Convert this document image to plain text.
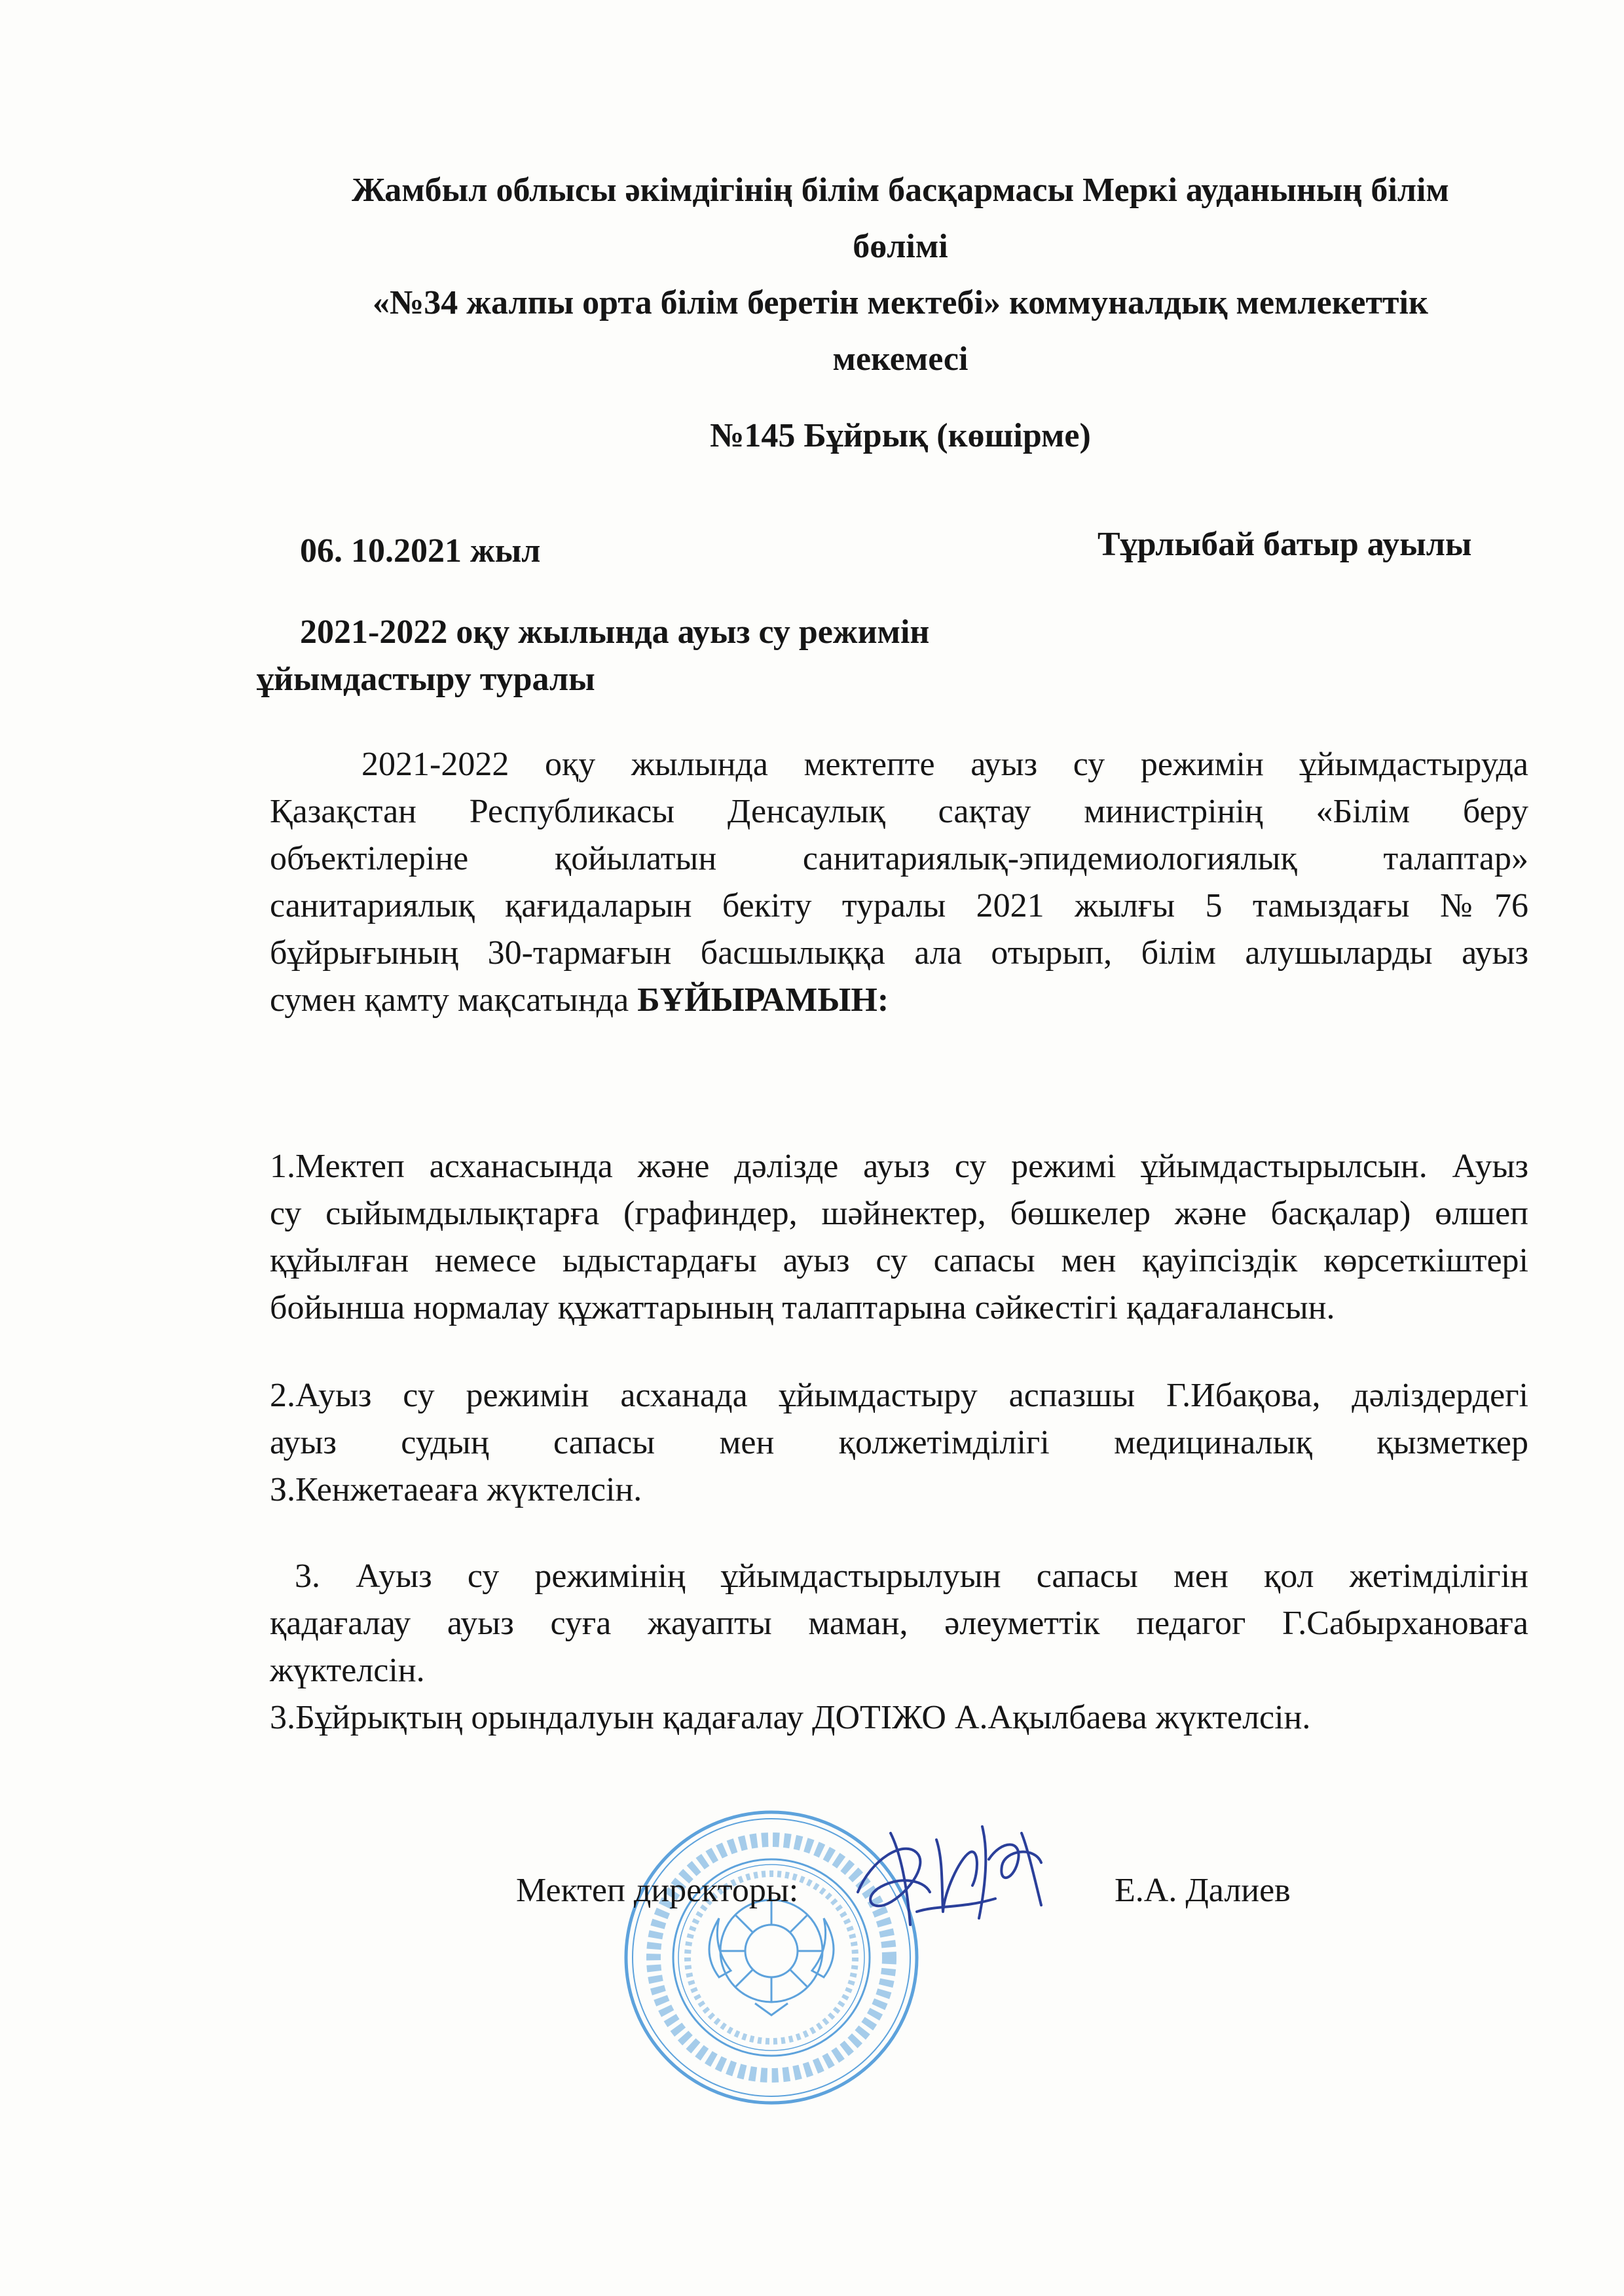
Жамбыл облысы әкімдігінің білім басқармасы Меркі ауданының білім
бөлімі
«№34 жалпы орта білім беретін мектебі» коммуналдық мемлекеттік
мекемесі
№145 Бұйрық (көшірме)
06. 10.2021 жыл	Тұрлыбай батыр ауылы
2021-2022 оқу жылында ауыз су режимін
ұйымдастыру туралы
2021-2022 оқу жылында мектепте ауыз су режимін ұйымдастыруда
Қазақстан Республикасы Денсаулық сақтау министрінің «Білім беру
объектілеріне қойылатын санитариялық-эпидемиологиялық талаптар»
санитариялық қағидаларын бекіту туралы 2021 жылғы 5 тамыздағы №76
бұйрығының 30-тармағын басшылыққа ала отырып, білім алушыларды ауыз
сумен қамту мақсатында БҰЙЫРАМЫН:
1.Мектеп асханасында және дәлізде ауыз су режимі ұйымдастырылсын. Ауыз
су сыйымдылықтарға (графиндер, шәйнектер, бөшкелер және басқалар) өлшеп
құйылған немесе ыдыстардағы ауыз су сапасы мен қауіпсіздік көрсеткіштері
бойынша нормалау құжаттарының талаптарына сәйкестігі қадағалансын.
2.Ауыз су режимін асханада ұйымдастыру аспазшы Г.Ибақова, дәліздердегі
ауыз судың сапасы мен қолжетімділігі медициналық қызметкер
З.Кенжетаеаға жүктелсін.
3. Ауыз су режимінің ұйымдастырылуын сапасы мен қол жетімділігін
қадағалау ауыз суға жауапты маман, әлеуметтік педагог Г.Сабырхановаға
жүктелсін.
3.Бұйрықтың орындалуын қадағалау ДОТІЖО А.Ақылбаева жүктелсін.
Мектеп директоры:	Е.А. Далиев
